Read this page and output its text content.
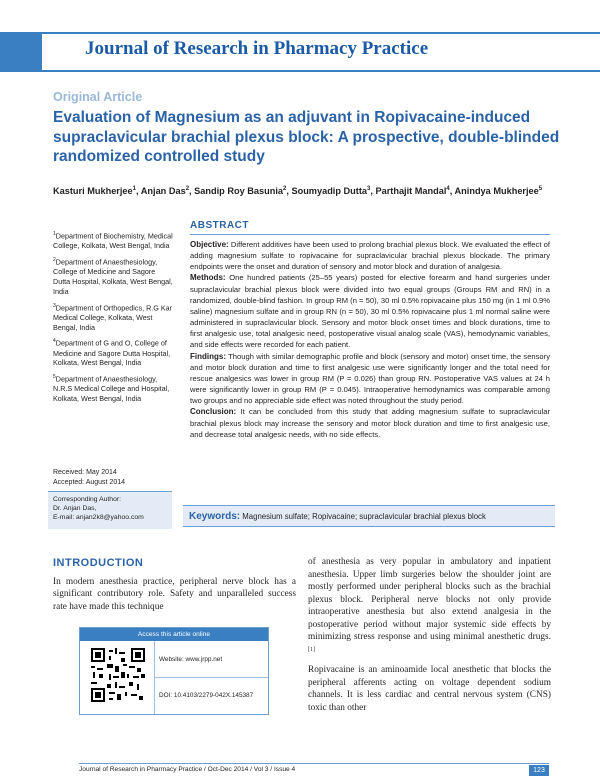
Journal of Research in Pharmacy Practice
Original Article
Evaluation of Magnesium as an adjuvant in Ropivacaine-induced supraclavicular brachial plexus block: A prospective, double-blinded randomized controlled study
Kasturi Mukherjee$^1$, Anjan Das$^2$, Sandip Roy Basunia$^2$, Soumyadip Dutta$^3$, Parthajit Mandal$^4$, Anindya Mukherjee$^5$
$^1$Department of Biochemistry, Medical College, Kolkata, West Bengal, India
$^2$Department of Anaesthesiology, College of Medicine and Sagore Dutta Hospital, Kolkata, West Bengal, India
$^3$Department of Orthopedics, R.G Kar Medical College, Kolkata, West Bengal, India
$^4$Department of G and O, College of Medicine and Sagore Dutta Hospital, Kolkata, West Bengal, India
$^5$Department of Anaesthesiology, N.R.S Medical College and Hospital, Kolkata, West Bengal, India
Received: May 2014
Accepted: August 2014
Corresponding Author:
Dr. Anjan Das,
E-mail: anjan2k8@yahoo.com
ABSTRACT
Objective: Different additives have been used to prolong brachial plexus block. We evaluated the effect of adding magnesium sulfate to ropivacaine for supraclavicular brachial plexus blockade. The primary endpoints were the onset and duration of sensory and motor block and duration of analgesia.
Methods: One hundred patients (25–55 years) posted for elective forearm and hand surgeries under supraclavicular brachial plexus block were divided into two equal groups (Groups RM and RN) in a randomized, double-blind fashion. In group RM (n = 50), 30 ml 0.5% ropivacaine plus 150 mg (in 1 ml 0.9% saline) magnesium sulfate and in group RN (n = 50), 30 ml 0.5% ropivacaine plus 1 ml normal saline were administered in supraclavicular block. Sensory and motor block onset times and block durations, time to first analgesic use, total analgesic need, postoperative visual analog scale (VAS), hemodynamic variables, and side effects were recorded for each patient.
Findings: Though with similar demographic profile and block (sensory and motor) onset time, the sensory and motor block duration and time to first analgesic use were significantly longer and the total need for rescue analgesics was lower in group RM (P = 0.026) than group RN. Postoperative VAS values at 24 h were significantly lower in group RM (P = 0.045). Intraoperative hemodynamics was comparable among two groups and no appreciable side effect was noted throughout the study period.
Conclusion: It can be concluded from this study that adding magnesium sulfate to supraclavicular brachial plexus block may increase the sensory and motor block duration and time to first analgesic use, and decrease total analgesic needs, with no side effects.
Keywords: Magnesium sulfate; Ropivacaine; supraclavicular brachial plexus block
INTRODUCTION
In modern anesthesia practice, peripheral nerve block has a significant contributory role. Safety and unparalleled success rate have made this technique

of anesthesia as very popular in ambulatory and inpatient anesthesia. Upper limb surgeries below the shoulder joint are mostly performed under peripheral blocks such as the brachial plexus block. Peripheral nerve blocks not only provide intraoperative anesthesia but also extend analgesia in the postoperative period without major systemic side effects by minimizing stress response and using minimal anesthetic drugs.[1]

Ropivacaine is an aminoamide local anesthetic that blocks the peripheral afferents acting on voltage dependent sodium channels. It is less cardiac and central nervous system (CNS) toxic than other

Access this article online
Website: www.jrpp.net
DOI: 10.4103/2279-042X.145387
Journal of Research in Pharmacy Practice / Oct-Dec 2014 / Vol 3 / Issue 4	123
